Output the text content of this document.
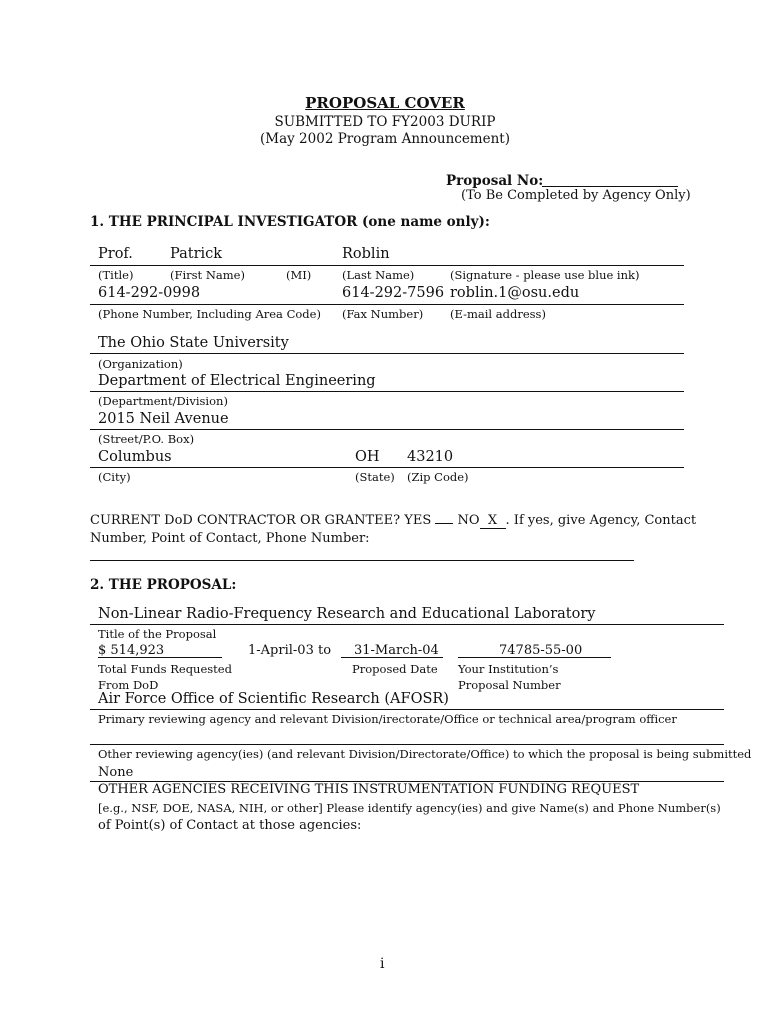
PROPOSAL COVER
SUBMITTED TO FY2003 DURIP
(May 2002 Program Announcement)
Proposal No:
(To Be Completed by Agency Only)
1. THE PRINCIPAL INVESTIGATOR (one name only):
Prof.	Patrick	Roblin
(Title)	(First Name)	(MI)	(Last Name)	(Signature - please use blue ink)
614-292-0998	614-292-7596 roblin.1@osu.edu
(Phone Number, Including Area Code) (Fax Number) (E-mail address)
The Ohio State University
(Organization)
Department of Electrical Engineering
(Department/Division)
2015 Neil Avenue
(Street/P.O. Box)
Columbus	OH 43210
(City)	(State) (Zip Code)
CURRENT DoD CONTRACTOR OR GRANTEE? YES NO X . If yes, give Agency, Contact
Number, Point of Contact, Phone Number:
2. THE PROPOSAL:
Non-Linear Radio-Frequency Research and Educational Laboratory
Title of the Proposal
$ 514,923	1-April-03 to 31-March-04	74785-55-00
Total Funds Requested
From DoD
Proposed Date Your Institution’s
Proposal Number
Air Force Office of Scientific Research (AFOSR)
Primary reviewing agency and relevant Division/irectorate/Office or technical area/program officer
Other reviewing agency(ies) (and relevant Division/Directorate/Office) to which the proposal is being submitted
None
OTHER AGENCIES RECEIVING THIS INSTRUMENTATION FUNDING REQUEST
[e.g., NSF, DOE, NASA, NIH, or other] Please identify agency(ies) and give Name(s) and Phone Number(s)
of Point(s) of Contact at those agencies:
i
